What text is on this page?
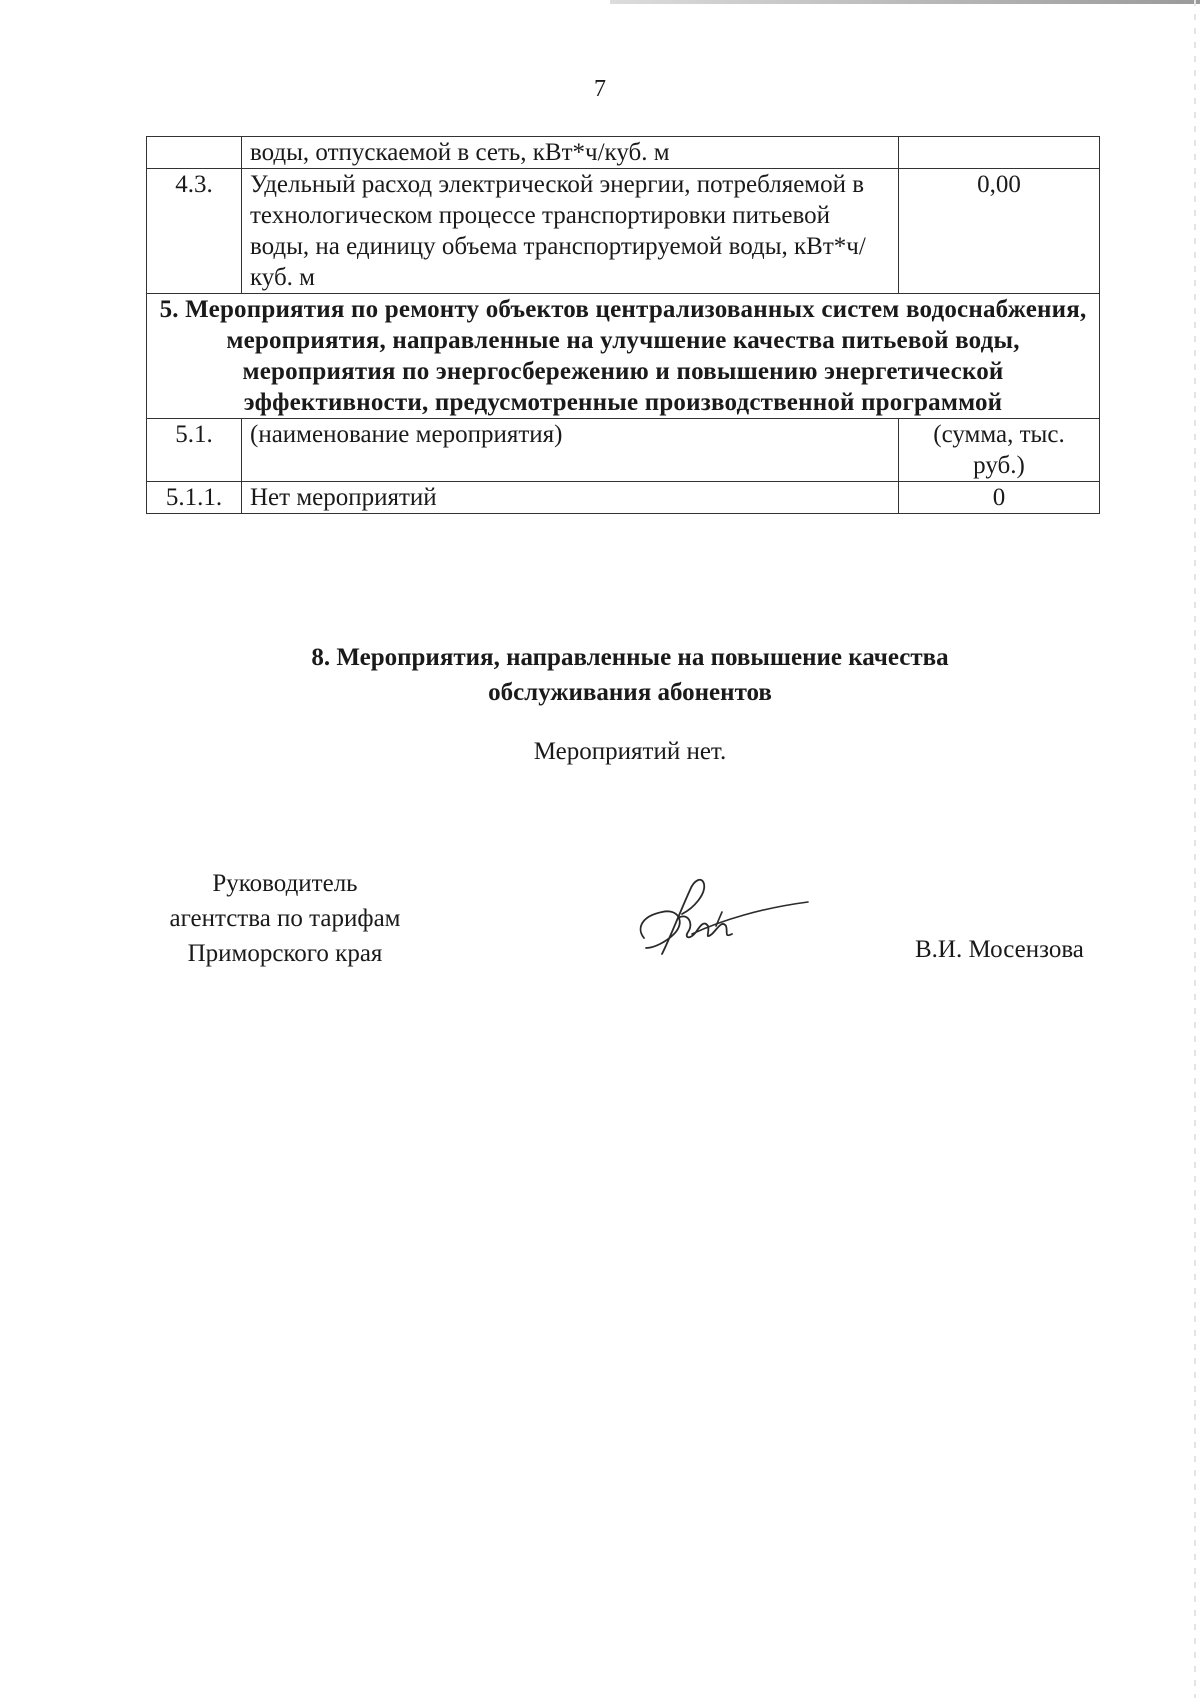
7
	воды, отпускаемой в сеть, кВт*ч/куб. м	
4.3.	Удельный расход электрической энергии, потребляемой в технологическом процессе транспортировки питьевой воды, на единицу объема транспортируемой воды, кВт*ч/куб. м	0,00
5. Мероприятия по ремонту объектов централизованных систем водоснабжения, мероприятия, направленные на улучшение качества питьевой воды, мероприятия по энергосбережению и повышению энергетической эффективности, предусмотренные производственной программой		
5.1.	(наименование мероприятия)	(сумма, тыс. руб.)
5.1.1.	Нет мероприятий	0
8. Мероприятия, направленные на повышение качества обслуживания абонентов
Мероприятий нет.
Руководитель
агентства по тарифам
Приморского края	В.И. Мосензова
